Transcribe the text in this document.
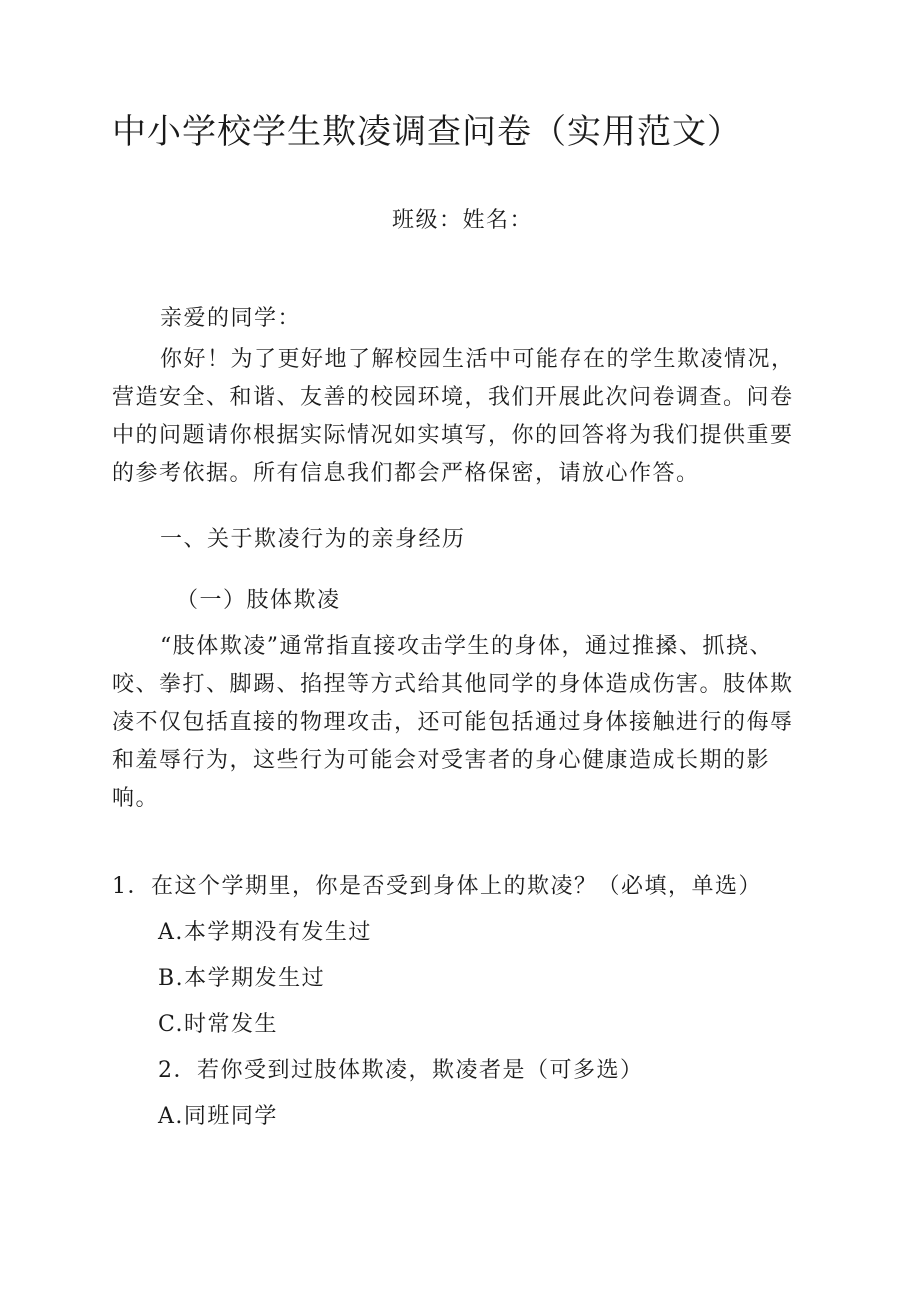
中小学校学生欺凌调查问卷（实用范文）
班级：姓名：
亲爱的同学：
你好！为了更好地了解校园生活中可能存在的学生欺凌情况，营造安全、和谐、友善的校园环境，我们开展此次问卷调查。问卷中的问题请你根据实际情况如实填写，你的回答将为我们提供重要的参考依据。所有信息我们都会严格保密，请放心作答。
一、关于欺凌行为的亲身经历
（一）肢体欺凌
“肢体欺凌”通常指直接攻击学生的身体，通过推搡、抓挠、咬、拳打、脚踢、掐捏等方式给其他同学的身体造成伤害。肢体欺凌不仅包括直接的物理攻击，还可能包括通过身体接触进行的侮辱和羞辱行为，这些行为可能会对受害者的身心健康造成长期的影响。
1．在这个学期里，你是否受到身体上的欺凌？（必填，单选）
A.本学期没有发生过
B.本学期发生过
C.时常发生
2．若你受到过肢体欺凌，欺凌者是（可多选）
A.同班同学
